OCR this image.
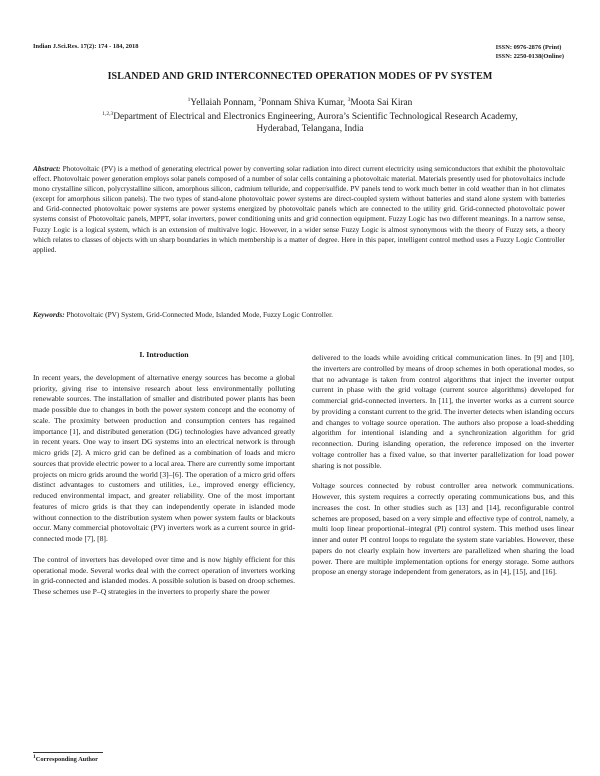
Indian J.Sci.Res. 17(2): 174 - 184, 2018	ISSN: 0976-2876 (Print)
ISSN: 2250-0138(Online)
ISLANDED AND GRID INTERCONNECTED OPERATION MODES OF PV SYSTEM
$^1$Yellaiah Ponnam, $^2$Ponnam Shiva Kumar, $^3$Moota Sai Kiran
$^{1,2,3}$Department of Electrical and Electronics Engineering, Aurora’s Scientific Technological Research Academy,
Hyderabad, Telangana, India
Abstract: Photovoltaic (PV) is a method of generating electrical power by converting solar radiation into direct current electricity using semiconductors that exhibit the photovoltaic effect. Photovoltaic power generation employs solar panels composed of a number of solar cells containing a photovoltaic material. Materials presently used for photovoltaics include mono crystalline silicon, polycrystalline silicon, amorphous silicon, cadmium telluride, and copper/sulfide. PV panels tend to work much better in cold weather than in hot climates (except for amorphous silicon panels). The two types of stand-alone photovoltaic power systems are direct-coupled system without batteries and stand alone system with batteries and Grid-connected photovoltaic power systems are power systems energized by photovoltaic panels which are connected to the utility grid. Grid-connected photovoltaic power systems consist of Photovoltaic panels, MPPT, solar inverters, power conditioning units and grid connection equipment. Fuzzy Logic has two different meanings. In a narrow sense, Fuzzy Logic is a logical system, which is an extension of multivalve logic. However, in a wider sense Fuzzy Logic is almost synonymous with the theory of Fuzzy sets, a theory which relates to classes of objects with un sharp boundaries in which membership is a matter of degree. Here in this paper, intelligent control method uses a Fuzzy Logic Controller applied.
Keywords: Photovoltaic (PV) System, Grid-Connected Mode, Islanded Mode, Fuzzy Logic Controller.
I. Introduction

In recent years, the development of alternative energy sources has become a global priority, giving rise to intensive research about less environmentally polluting renewable sources. The installation of smaller and distributed power plants has been made possible due to changes in both the power system concept and the economy of scale. The proximity between production and consumption centers has regained importance [1], and distributed generation (DG) technologies have advanced greatly in recent years. One way to insert DG systems into an electrical network is through micro grids [2]. A micro grid can be defined as a combination of loads and micro sources that provide electric power to a local area. There are currently some important projects on micro grids around the world [3]–[6]. The operation of a micro grid offers distinct advantages to customers and utilities, i.e., improved energy efficiency, reduced environmental impact, and greater reliability. One of the most important features of micro grids is that they can independently operate in islanded mode without connection to the distribution system when power system faults or blackouts occur. Many commercial photovoltaic (PV) inverters work as a current source in grid-connected mode [7], [8].

The control of inverters has developed over time and is now highly efficient for this operational mode. Several works deal with the correct operation of inverters working in grid-connected and islanded modes. A possible solution is based on droop schemes. These schemes use P–Q strategies in the inverters to properly share the power

delivered to the loads while avoiding critical communication lines. In [9] and [10], the inverters are controlled by means of droop schemes in both operational modes, so that no advantage is taken from control algorithms that inject the inverter output current in phase with the grid voltage (current source algorithms) developed for commercial grid-connected inverters. In [11], the inverter works as a current source by providing a constant current to the grid. The inverter detects when islanding occurs and changes to voltage source operation. The authors also propose a load-shedding algorithm for intentional islanding and a synchronization algorithm for grid reconnection. During islanding operation, the reference imposed on the inverter voltage controller has a fixed value, so that inverter parallelization for load power sharing is not possible.

Voltage sources connected by robust controller area network communications. However, this system requires a correctly operating communications bus, and this increases the cost. In other studies such as [13] and [14], reconfigurable control schemes are proposed, based on a very simple and effective type of control, namely, a multi loop linear proportional–integral (PI) control system. This method uses linear inner and outer PI control loops to regulate the system state variables. However, these papers do not clearly explain how inverters are parallelized when sharing the load power. There are multiple implementation options for energy storage. Some authors propose an energy storage independent from generators, as in [4], [15], and [16].

$^1$Corresponding Author
